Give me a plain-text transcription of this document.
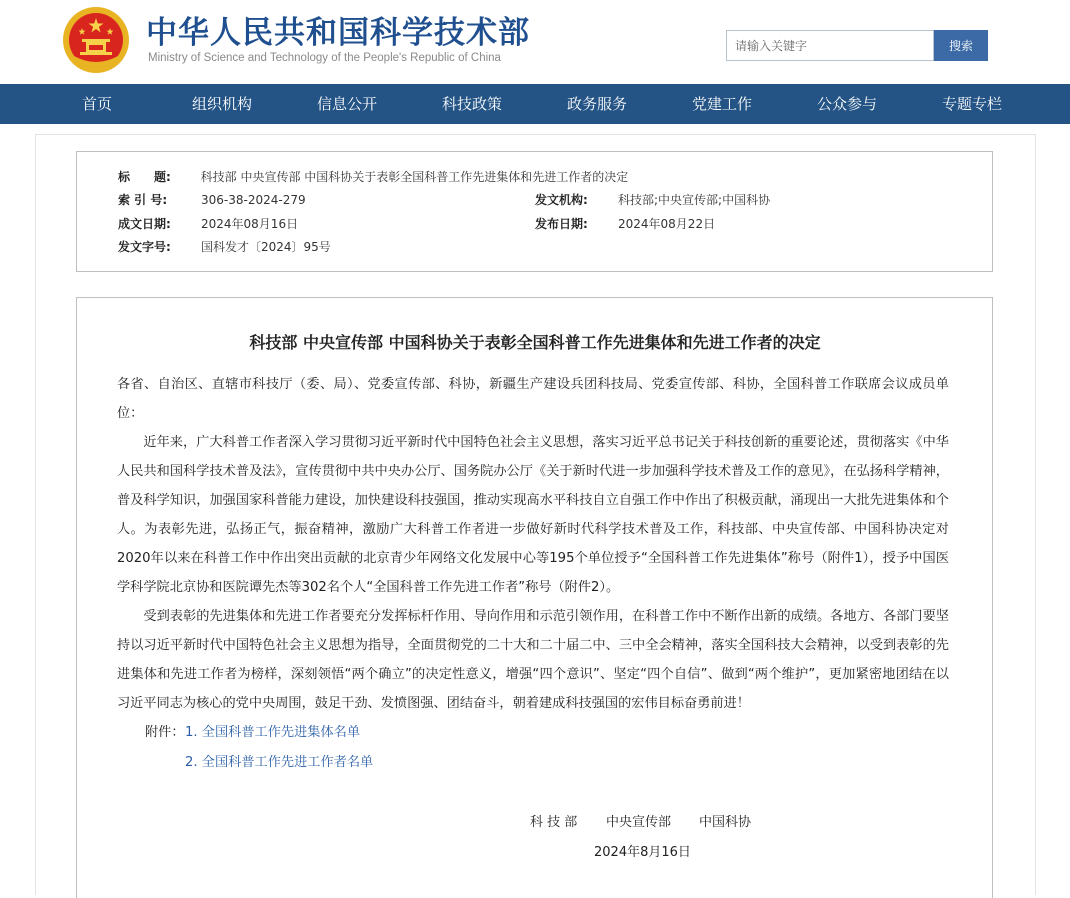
中华人民共和国科学技术部
Ministry of Science and Technology of the People's Republic of China
请输入关键字
搜索
首页	组织机构	信息公开	科技政策	政务服务	党建工作	公众参与	专题专栏
标　　题: 科技部 中央宣传部 中国科协关于表彰全国科普工作先进集体和先进工作者的决定
索 引 号:	306-38-2024-279	发文机构:	科技部;中央宣传部;中国科协
成文日期:	2024年08月16日	发布日期:	2024年08月22日
发文字号:	国科发才〔2024〕95号
科技部 中央宣传部 中国科协关于表彰全国科普工作先进集体和先进工作者的决定
各省、自治区、直辖市科技厅（委、局）、党委宣传部、科协，新疆生产建设兵团科技局、党委宣传部、科协，全国科普工作联席会议成员单位：
近年来，广大科普工作者深入学习贯彻习近平新时代中国特色社会主义思想，落实习近平总书记关于科技创新的重要论述，贯彻落实《中华人民共和国科学技术普及法》，宣传贯彻中共中央办公厅、国务院办公厅《关于新时代进一步加强科学技术普及工作的意见》，在弘扬科学精神，普及科学知识，加强国家科普能力建设，加快建设科技强国，推动实现高水平科技自立自强工作中作出了积极贡献，涌现出一大批先进集体和个人。为表彰先进，弘扬正气，振奋精神，激励广大科普工作者进一步做好新时代科学技术普及工作，科技部、中央宣传部、中国科协决定对2020年以来在科普工作中作出突出贡献的北京青少年网络文化发展中心等195个单位授予“全国科普工作先进集体”称号（附件1），授予中国医学科学院北京协和医院谭先杰等302名个人“全国科普工作先进工作者”称号（附件2）。
受到表彰的先进集体和先进工作者要充分发挥标杆作用、导向作用和示范引领作用，在科普工作中不断作出新的成绩。各地方、各部门要坚持以习近平新时代中国特色社会主义思想为指导，全面贯彻党的二十大和二十届二中、三中全会精神，落实全国科技大会精神，以受到表彰的先进集体和先进工作者为榜样，深刻领悟“两个确立”的决定性意义，增强“四个意识”、坚定“四个自信”、做到“两个维护”，更加紧密地团结在以习近平同志为核心的党中央周围，鼓足干劲、发愤图强、团结奋斗，朝着建成科技强国的宏伟目标奋勇前进！
附件： 1. 全国科普工作先进集体名单
2. 全国科普工作先进工作者名单
科 技 部 中央宣传部 中国科协
2024年8月16日
